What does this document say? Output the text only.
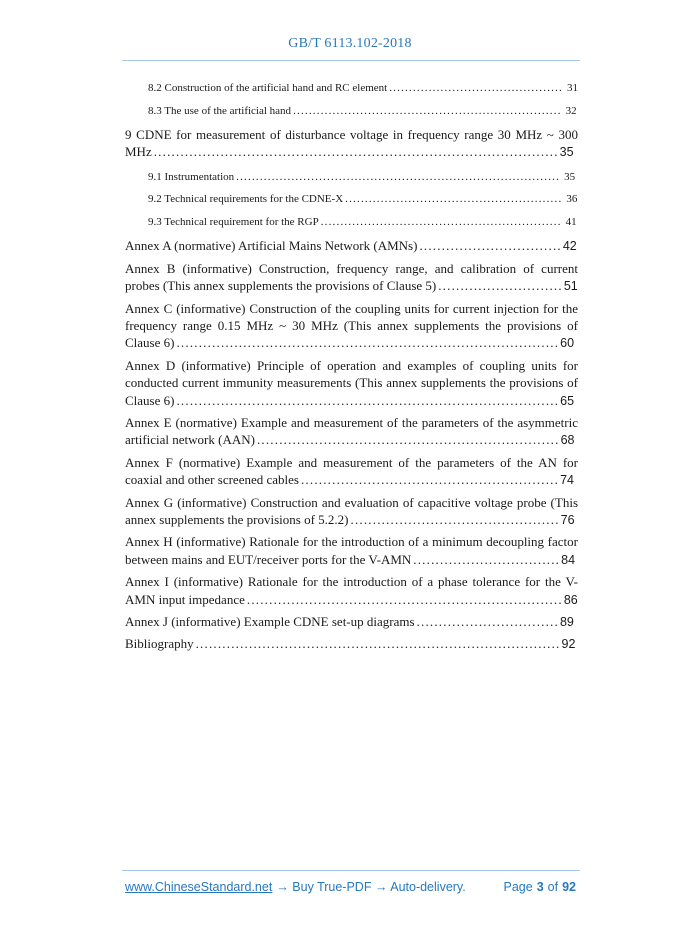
GB/T 6113.102-2018
8.2 Construction of the artificial hand and RC element ............................................ 31
8.3 The use of the artificial hand .................................................................... 32
9 CDNE for measurement of disturbance voltage in frequency range 30 MHz ~ 300 MHz ...........................................................................................35
9.1 Instrumentation .................................................................................. 35
9.2 Technical requirements for the CDNE-X ....................................................... 36
9.3 Technical requirement for the RGP ............................................................. 41
Annex A (normative) Artificial Mains Network (AMNs) ................................42
Annex B (informative) Construction, frequency range, and calibration of current probes (This annex supplements the provisions of Clause 5) ............................51
Annex C (informative) Construction of the coupling units for current injection for the frequency range 0.15 MHz ~ 30 MHz (This annex supplements the provisions of Clause 6) ......................................................................................60
Annex D (informative) Principle of operation and examples of coupling units for conducted current immunity measurements (This annex supplements the provisions of Clause 6) ......................................................................................65
Annex E (normative) Example and measurement of the parameters of the asymmetric artificial network (AAN) ....................................................................68
Annex F (normative) Example and measurement of the parameters of the AN for coaxial and other screened cables ..........................................................74
Annex G (informative) Construction and evaluation of capacitive voltage probe (This annex supplements the provisions of 5.2.2) ...............................................76
Annex H (informative) Rationale for the introduction of a minimum decoupling factor between mains and EUT/receiver ports for the V-AMN .................................84
Annex I (informative) Rationale for the introduction of a phase tolerance for the V-AMN input impedance .......................................................................86
Annex J (informative) Example CDNE set-up diagrams ................................89
Bibliography ..................................................................................92
www.ChineseStandard.net → Buy True-PDF → Auto-delivery.	Page 3 of 92
